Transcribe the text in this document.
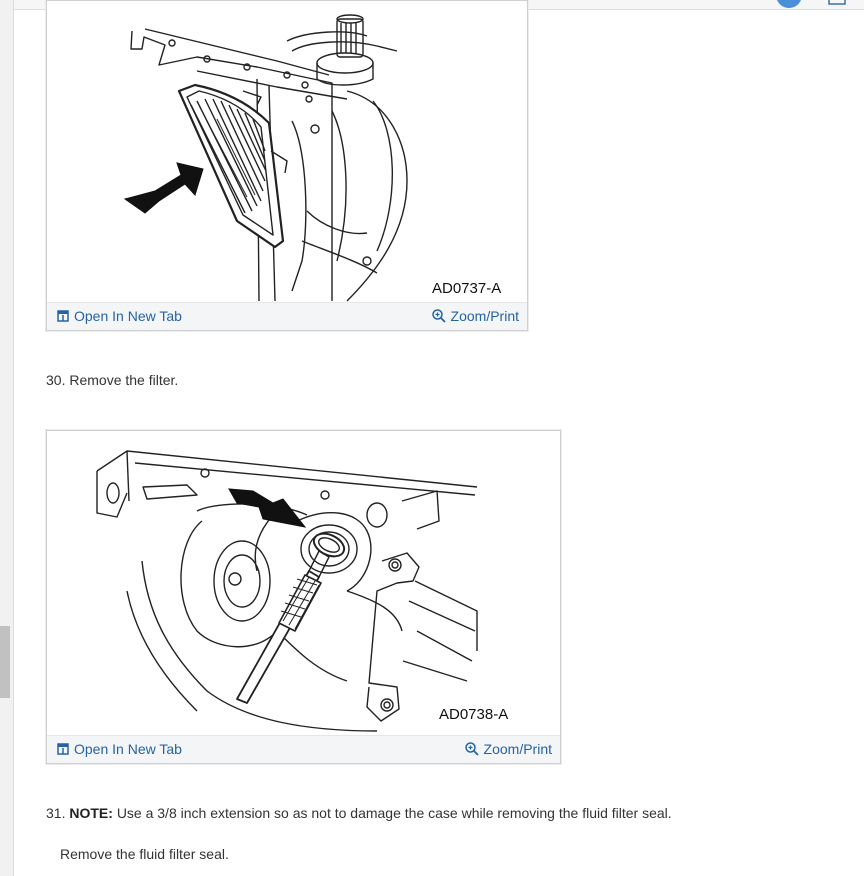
AD0737-A
Open In New Tab	Zoom/Print
30. Remove the filter.
AD0738-A
Open In New Tab	Zoom/Print
31. NOTE: Use a 3/8 inch extension so as not to damage the case while removing the fluid filter seal.
Remove the fluid filter seal.
